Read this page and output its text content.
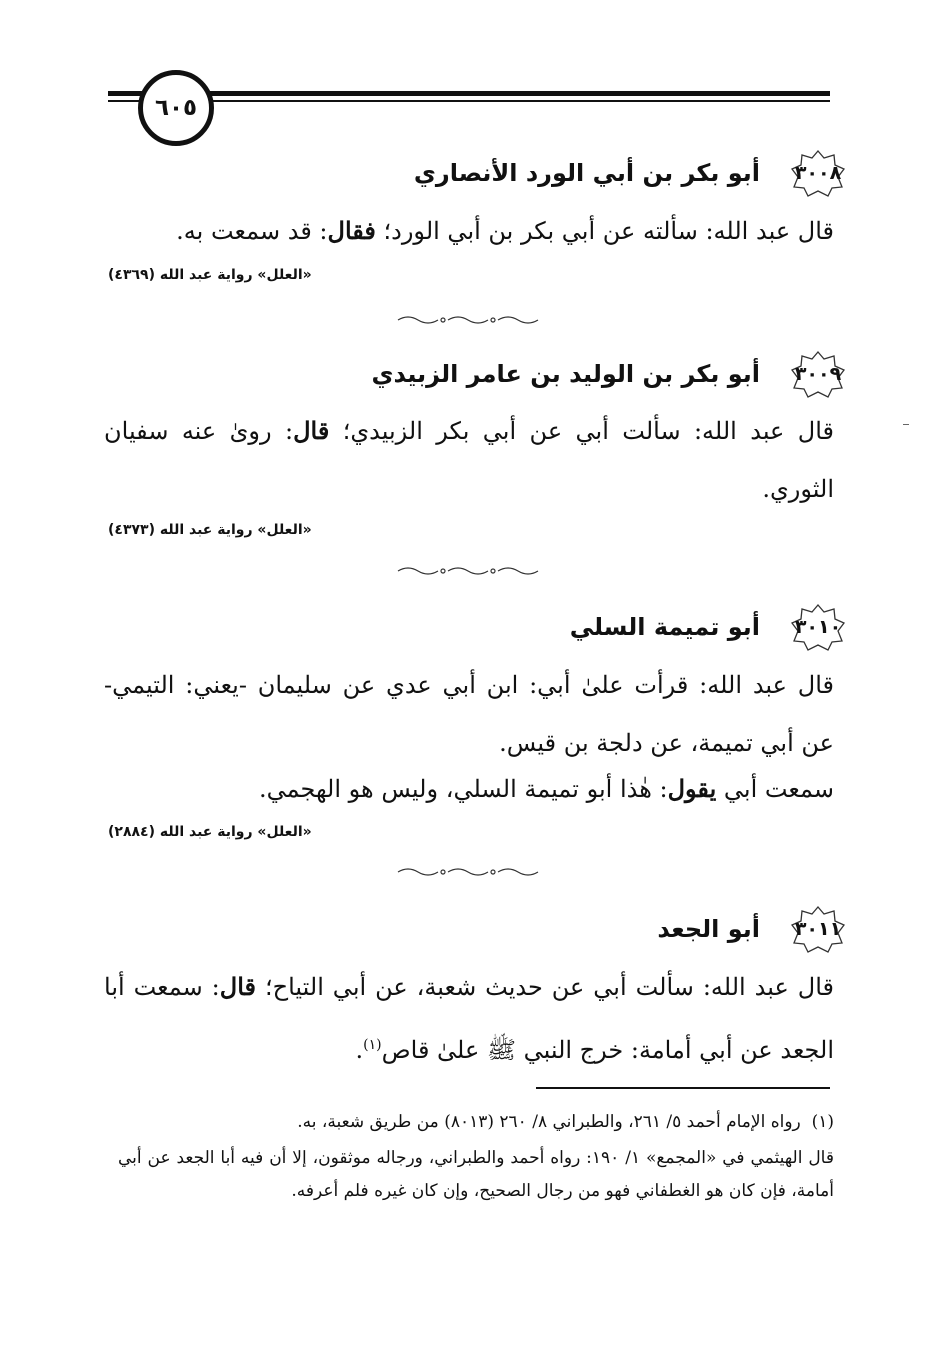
٦٠٥
٣٠٠٨
أبو بكر بن أبي الورد الأنصاري

قال عبد الله: سألته عن أبي بكر بن أبي الورد؛ فقال: قد سمعت به.

«العلل» رواية عبد الله (٤٣٦٩)
٣٠٠٩
أبو بكر بن الوليد بن عامر الزبيدي

قال عبد الله: سألت أبي عن أبي بكر الزبيدي؛ قال: روىٰ عنه سفيان الثوري.

«العلل» رواية عبد الله (٤٣٧٣)
٣٠١٠
أبو تميمة السلي

قال عبد الله: قرأت علىٰ أبي: ابن أبي عدي عن سليمان -يعني: التيمي- عن أبي تميمة، عن دلجة بن قيس.

سمعت أبي يقول: هٰذا أبو تميمة السلي، وليس هو الهجمي.

«العلل» رواية عبد الله (٢٨٨٤)
٣٠١١
أبو الجعد

قال عبد الله: سألت أبي عن حديث شعبة، عن أبي التياح؛ قال: سمعت أبا الجعد عن أبي أمامة: خرج النبي ﷺ علىٰ قاص$^{(١)}$.

(١)  رواه الإمام أحمد ٥/ ٢٦١، والطبراني ٨/ ٢٦٠ (٨٠١٣) من طريق شعبة، به.

قال الهيثمي في «المجمع» ١/ ١٩٠: رواه أحمد والطبراني، ورجاله موثقون، إلا أن فيه أبا الجعد عن أبي أمامة، فإن كان هو الغطفاني فهو من رجال الصحيح، وإن كان غيره فلم أعرفه.
